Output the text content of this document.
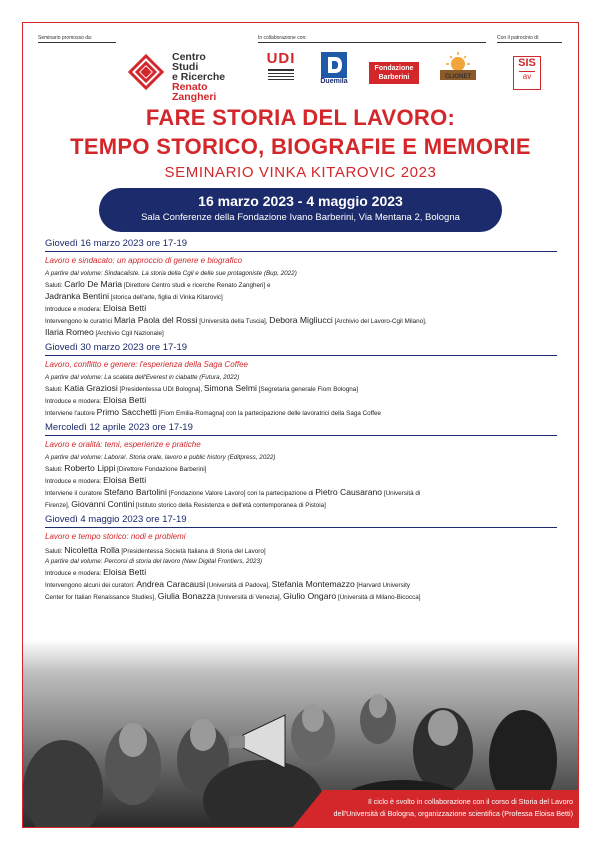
Seminario promosso da:	In collaborazione con:	Con il patrocinio di:
Centro
Studi
e Ricerche
Renato
Zangheri
UDI
Duemila
Fondazione Barberini	CLIONET
SIS
av
FARE STORIA DEL LAVORO:
TEMPO STORICO, BIOGRAFIE E MEMORIE
SEMINARIO VINKA KITAROVIC 2023
16 marzo 2023 - 4 maggio 2023
Sala Conferenze della Fondazione Ivano Barberini, Via Mentana 2, Bologna
Giovedì 16 marzo 2023 ore 17-19
Lavoro e sindacato: un approccio di genere e biografico
A partire dal volume: Sindacaliste. La storia della Cgil e delle sue protagoniste (Bup, 2022)
Saluti: Carlo De Maria [Direttore Centro studi e ricerche Renato Zangheri] e
Jadranka Bentini [storica dell'arte, figlia di Vinka Kitarovic]
Introduce e modera: Eloisa Betti
Intervengono le curatrici Maria Paola del Rossi [Università della Tuscia], Debora Migliucci [Archivio del Lavoro-Cgil Milano],
Ilaria Romeo [Archivio Cgil Nazionale]
Giovedì 30 marzo 2023 ore 17-19
Lavoro, conflitto e genere: l'esperienza della Saga Coffee
A partire dal volume: La scalata dell'Everest in ciabatte (Futura, 2022)
Saluti: Katia Graziosi [Presidentessa UDI Bologna], Simona Selmi [Segretaria generale Fiom Bologna]
Introduce e modera: Eloisa Betti
Interviene l'autore Primo Sacchetti [Fiom Emilia-Romagna] con la partecipazione delle lavoratrici della Saga Coffee
Mercoledì 12 aprile 2023 ore 17-19
Lavoro e oralità: temi, esperienze e pratiche
A partire dal volume: Labora!. Storia orale, lavoro e public history (Editpress, 2022)
Saluti: Roberto Lippi [Direttore Fondazione Barberini]
Introduce e modera: Eloisa Betti
Interviene il curatore Stefano Bartolini [Fondazione Valore Lavoro] con la partecipazione di Pietro Causarano [Università di
Firenze], Giovanni Contini [Istituto storico della Resistenza e dell'età contemporanea di Pistoia]
Giovedì 4 maggio 2023 ore 17-19
Lavoro e tempo storico: nodi e problemi
Saluti: Nicoletta Rolla [Presidentessa Società Italiana di Storia del Lavoro]
A partire dal volume: Percorsi di storia del lavoro (New Digital Frontiers, 2023)
Introduce e modera: Eloisa Betti
Intervengono alcuni dei curatori: Andrea Caracausi [Università di Padova], Stefania Montemazzo [Harvard University
Center for Italian Renaissance Studies], Giulia Bonazza [Università di Venezia], Giulio Ongaro [Università di Milano-Bicocca]
Il ciclo è svolto in collaborazione con il corso di Storia del Lavoro
dell'Università di Bologna, organizzazione scientifica (Professa Eloisa Betti)
